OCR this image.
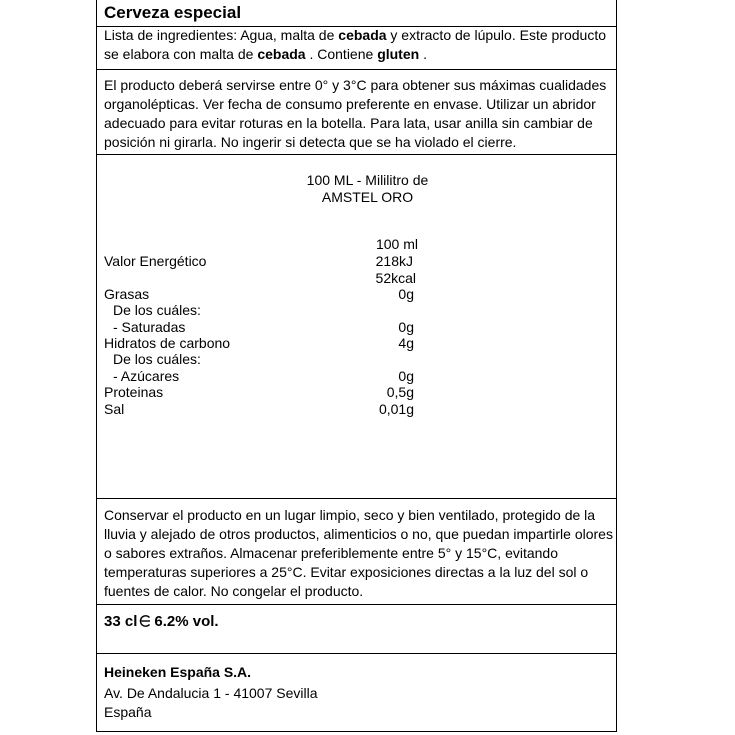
Cerveza especial
Lista de ingredientes: Agua, malta de cebada y extracto de lúpulo. Este producto
se elabora con malta de cebada . Contiene gluten .
El producto deberá servirse entre 0° y 3°C para obtener sus máximas cualidades
organolépticas. Ver fecha de consumo preferente en envase. Utilizar un abridor
adecuado para evitar roturas en la botella. Para lata, usar anilla sin cambiar de
posición ni girarla. No ingerir si detecta que se ha violado el cierre.
100 ML - Mililitro de
AMSTEL ORO
100 ml
Valor Energético	218kJ
52kcal
Grasas	0g
De los cuáles:
- Saturadas	0g
Hidratos de carbono	4g
De los cuáles:
- Azúcares	0g
Proteinas	0,5g
Sal	0,01g
Conservar el producto en un lugar limpio, seco y bien ventilado, protegido de la
lluvia y alejado de otros productos, alimenticios o no, que puedan impartirle olores
o sabores extraños. Almacenar preferiblemente entre 5° y 15°C, evitando
temperaturas superiores a 25°C. Evitar exposiciones directas a la luz del sol o
fuentes de calor. No congelar el producto.
33 cl 6.2% vol.
Heineken España S.A.
Av. De Andalucia 1 - 41007 Sevilla
España
